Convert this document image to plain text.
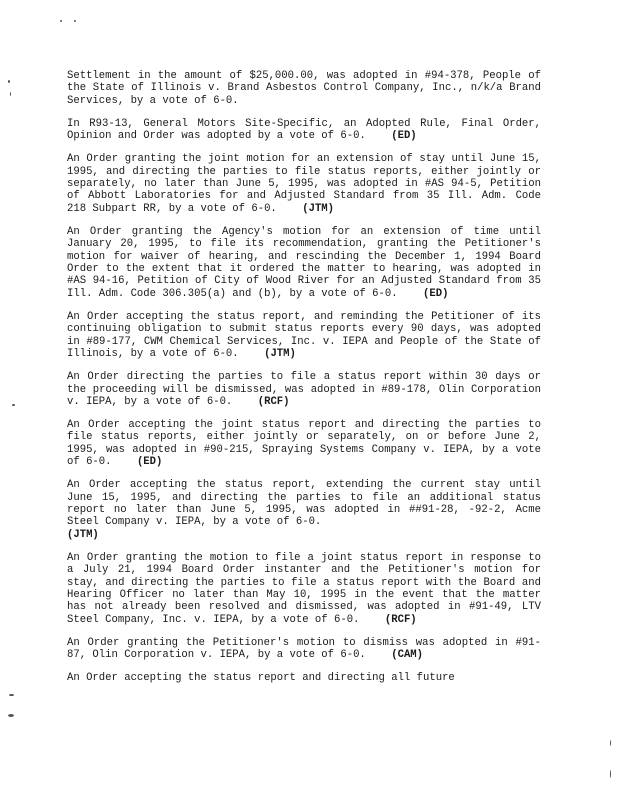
Settlement in the amount of $25,000.00, was adopted in #94-378, People of the State of Illinois v. Brand Asbestos Control Company, Inc., n/k/a Brand Services, by a vote of 6-0.

In R93-13, General Motors Site-Specific, an Adopted Rule, Final Order, Opinion and Order was adopted by a vote of 6-0. (ED)

An Order granting the joint motion for an extension of stay until June 15, 1995, and directing the parties to file status reports, either jointly or separately, no later than June 5, 1995, was adopted in #AS 94-5, Petition of Abbott Laboratories for and Adjusted Standard from 35 Ill. Adm. Code 218 Subpart RR, by a vote of 6-0. (JTM)

An Order granting the Agency's motion for an extension of time until January 20, 1995, to file its recommendation, granting the Petitioner's motion for waiver of hearing, and rescinding the December 1, 1994 Board Order to the extent that it ordered the matter to hearing, was adopted in #AS 94-16, Petition of City of Wood River for an Adjusted Standard from 35 Ill. Adm. Code 306.305(a) and (b), by a vote of 6-0. (ED)

An Order accepting the status report, and reminding the Petitioner of its continuing obligation to submit status reports every 90 days, was adopted in #89-177, CWM Chemical Services, Inc. v. IEPA and People of the State of Illinois, by a vote of 6-0. (JTM)

An Order directing the parties to file a status report within 30 days or the proceeding will be dismissed, was adopted in #89-178, Olin Corporation v. IEPA, by a vote of 6-0. (RCF)

An Order accepting the joint status report and directing the parties to file status reports, either jointly or separately, on or before June 2, 1995, was adopted in #90-215, Spraying Systems Company v. IEPA, by a vote of 6-0. (ED)

An Order accepting the status report, extending the current stay until June 15, 1995, and directing the parties to file an additional status report no later than June 5, 1995, was adopted in ##91-28, -92-2, Acme Steel Company v. IEPA, by a vote of 6-0.
(JTM)

An Order granting the motion to file a joint status report in response to a July 21, 1994 Board Order instanter and the Petitioner's motion for stay, and directing the parties to file a status report with the Board and Hearing Officer no later than May 10, 1995 in the event that the matter has not already been resolved and dismissed, was adopted in #91-49, LTV Steel Company, Inc. v. IEPA, by a vote of 6-0. (RCF)

An Order granting the Petitioner's motion to dismiss was adopted in #91-87, Olin Corporation v. IEPA, by a vote of 6-0. (CAM)

An Order accepting the status report and directing all future
